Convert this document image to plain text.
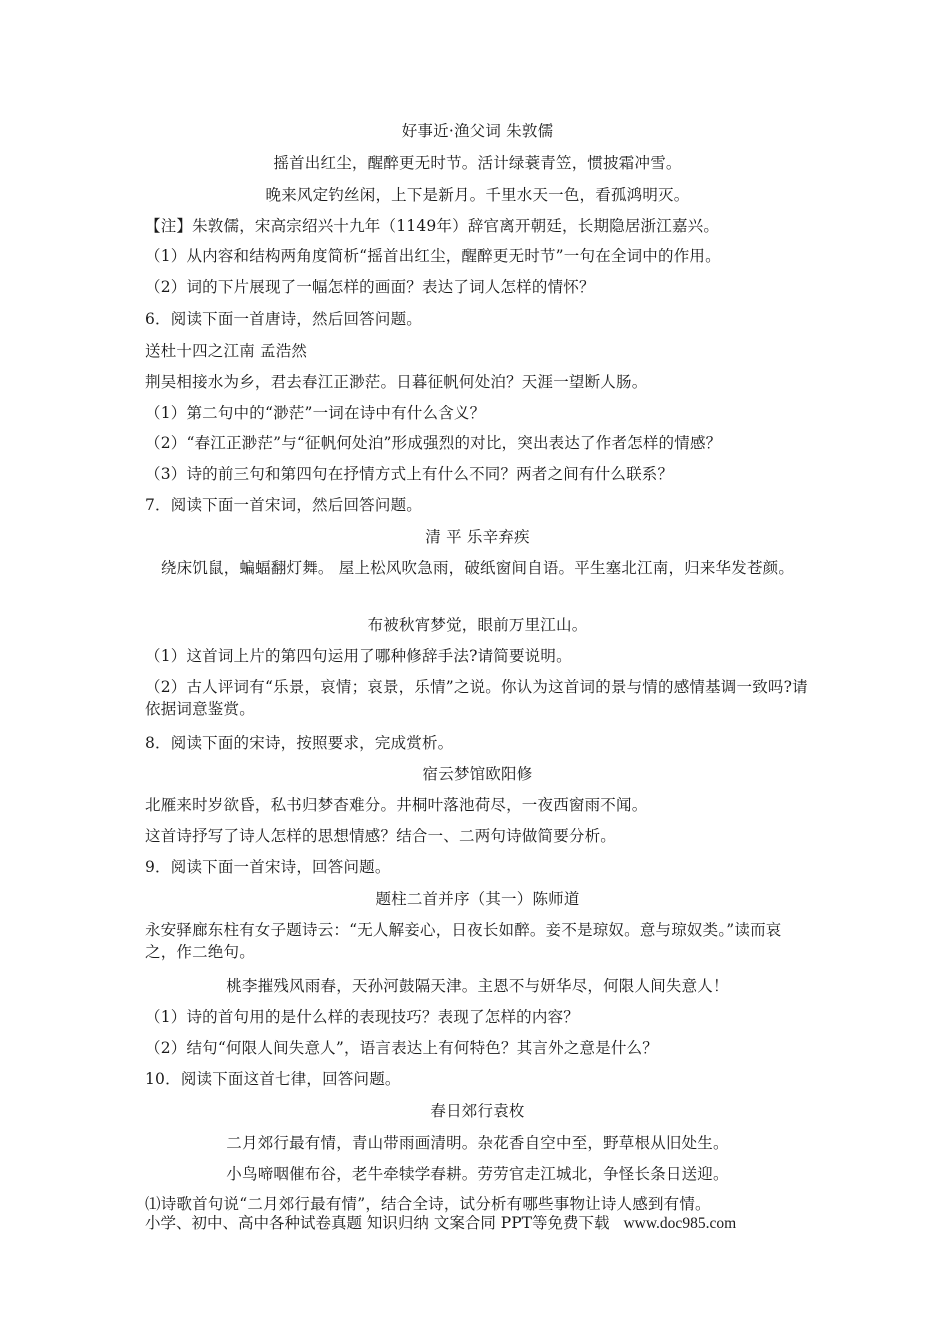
好事近·渔父词 朱敦儒
摇首出红尘，醒醉更无时节。活计绿蓑青笠，惯披霜冲雪。
晚来风定钓丝闲，上下是新月。千里水天一色，看孤鸿明灭。
【注】朱敦儒，宋高宗绍兴十九年（1149年）辞官离开朝廷，长期隐居浙江嘉兴。
（1）从内容和结构两角度简析“摇首出红尘，醒醉更无时节”一句在全词中的作用。
（2）词的下片展现了一幅怎样的画面？表达了词人怎样的情怀？
6．阅读下面一首唐诗，然后回答问题。
送杜十四之江南 孟浩然
荆吴相接水为乡，君去春江正渺茫。日暮征帆何处泊？天涯一望断人肠。
（1）第二句中的“渺茫”一词在诗中有什么含义？
（2）“春江正渺茫”与“征帆何处泊”形成强烈的对比，突出表达了作者怎样的情感？
（3）诗的前三句和第四句在抒情方式上有什么不同？两者之间有什么联系？
7．阅读下面一首宋词，然后回答问题。
清 平 乐辛弃疾
绕床饥鼠，蝙蝠翻灯舞。 屋上松风吹急雨，破纸窗间自语。平生塞北江南，归来华发苍颜。
布被秋宵梦觉，眼前万里江山。
（1）这首词上片的第四句运用了哪种修辞手法?请简要说明。
（2）古人评词有“乐景，哀情；哀景，乐情”之说。你认为这首词的景与情的感情基调一致吗?请依据词意鉴赏。
8．阅读下面的宋诗，按照要求，完成赏析。
宿云梦馆欧阳修
北雁来时岁欲昏，私书归梦杳难分。井桐叶落池荷尽，一夜西窗雨不闻。
这首诗抒写了诗人怎样的思想情感？结合一、二两句诗做简要分析。
9．阅读下面一首宋诗，回答问题。
题柱二首并序（其一）陈师道
永安驿廊东柱有女子题诗云：“无人解妾心，日夜长如醉。妾不是琼奴。意与琼奴类。”读而哀之，作二绝句。
桃李摧残风雨春，天孙河鼓隔天津。主恩不与妍华尽，何限人间失意人！
（1）诗的首句用的是什么样的表现技巧？表现了怎样的内容？
（2）结句“何限人间失意人”，语言表达上有何特色？其言外之意是什么？
10．阅读下面这首七律，回答问题。
春日郊行袁枚
二月郊行最有情，青山带雨画清明。杂花香自空中至，野草根从旧处生。
小鸟啼咽催布谷，老牛牵犊学春耕。劳劳官走江城北，争怪长条日送迎。
⑴诗歌首句说“二月郊行最有情”，结合全诗，试分析有哪些事物让诗人感到有情。
小学、初中、高中各种试卷真题 知识归纳 文案合同 PPT等免费下载 www.doc985.com
